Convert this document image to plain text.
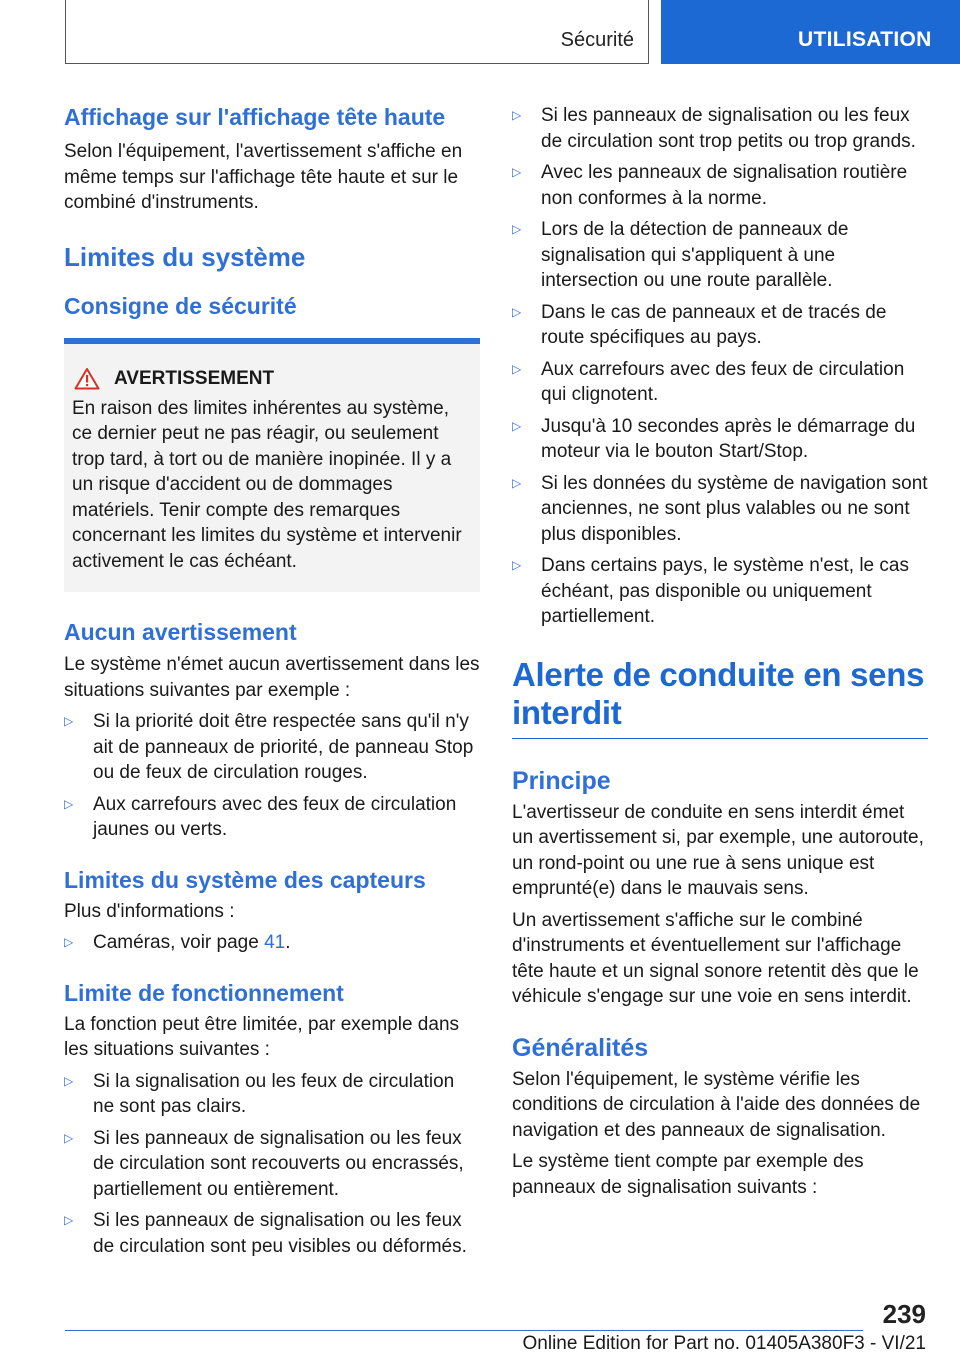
Sécurité	UTILISATION
Affichage sur l'affichage tête haute

Selon l'équipement, l'avertissement s'affiche en même temps sur l'affichage tête haute et sur le combiné d'instruments.

Limites du système
Consigne de sécurité
AVERTISSEMENT

En raison des limites inhérentes au système, ce dernier peut ne pas réagir, ou seulement trop tard, à tort ou de manière inopinée. Il y a un risque d'accident ou de dommages matériels. Tenir compte des remarques concernant les limites du système et intervenir activement le cas échéant.

Aucun avertissement

Le système n'émet aucun avertissement dans les situations suivantes par exemple :

▷	Si la priorité doit être respectée sans qu'il n'y ait de panneaux de priorité, de panneau Stop ou de feux de circulation rouges.
▷	Aux carrefours avec des feux de circulation jaunes ou verts.
Limites du système des capteurs

Plus d'informations :

▷	Caméras, voir page 41.
Limite de fonctionnement

La fonction peut être limitée, par exemple dans les situations suivantes :

▷	Si la signalisation ou les feux de circulation ne sont pas clairs.
▷	Si les panneaux de signalisation ou les feux de circulation sont recouverts ou encrassés, partiellement ou entièrement.
▷	Si les panneaux de signalisation ou les feux de circulation sont peu visibles ou déformés.
▷	Si les panneaux de signalisation ou les feux de circulation sont trop petits ou trop grands.
▷	Avec les panneaux de signalisation routière non conformes à la norme.
▷	Lors de la détection de panneaux de signalisation qui s'appliquent à une intersection ou une route parallèle.
▷	Dans le cas de panneaux et de tracés de route spécifiques au pays.
▷	Aux carrefours avec des feux de circulation qui clignotent.
▷	Jusqu'à 10 secondes après le démarrage du moteur via le bouton Start/Stop.
▷	Si les données du système de navigation sont anciennes, ne sont plus valables ou ne sont plus disponibles.
▷	Dans certains pays, le système n'est, le cas échéant, pas disponible ou uniquement partiellement.
Alerte de conduite en sens interdit
Principe

L'avertisseur de conduite en sens interdit émet un avertissement si, par exemple, une autoroute, un rond-point ou une rue à sens unique est emprunté(e) dans le mauvais sens.

Un avertissement s'affiche sur le combiné d'instruments et éventuellement sur l'affichage tête haute et un signal sonore retentit dès que le véhicule s'engage sur une voie en sens interdit.

Généralités

Selon l'équipement, le système vérifie les conditions de circulation à l'aide des données de navigation et des panneaux de signalisation.

Le système tient compte par exemple des panneaux de signalisation suivants :

239
Online Edition for Part no. 01405A380F3 - VI/21
